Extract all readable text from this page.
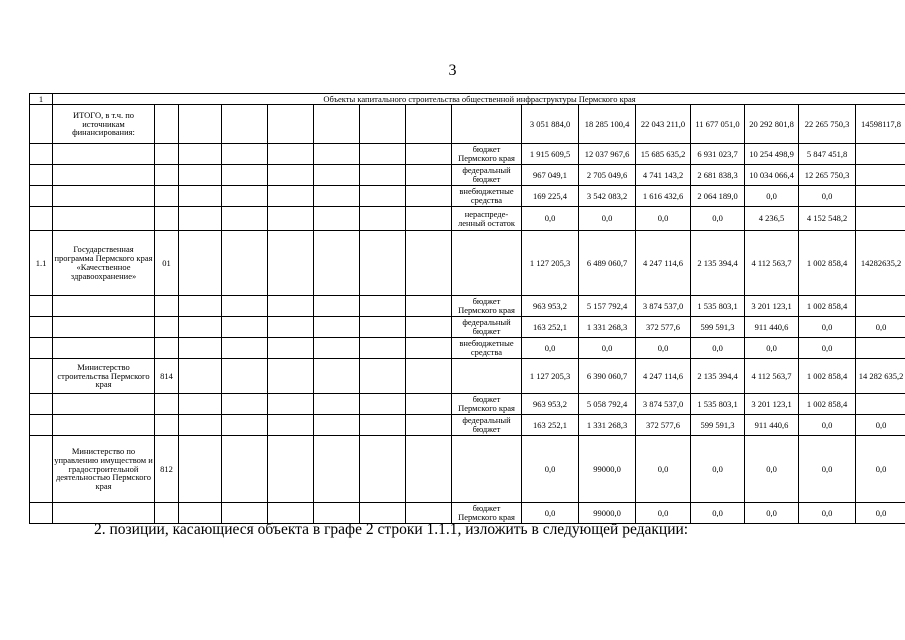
3
1	Объекты капитального строительства общественной инфраструктуры Пермского края															
	ИТОГО, в т.ч. по источникам финансирования:									3 051 884,0	18 285 100,4	22 043 211,0	11 677 051,0	20 292 801,8	22 265 750,3	14598117,8
									бюджет Пермского края	1 915 609,5	12 037 967,6	15 685 635,2	6 931 023,7	10 254 498,9	5 847 451,8	
									федеральный бюджет	967 049,1	2 705 049,6	4 741 143,2	2 681 838,3	10 034 066,4	12 265 750,3	
									внебюджетные средства	169 225,4	3 542 083,2	1 616 432,6	2 064 189,0	0,0	0,0	
									нераспреде-ленный остаток	0,0	0,0	0,0	0,0	4 236,5	4 152 548,2	
1.1	Государственная программа Пермского края «Качественное здравоохранение»	01								1 127 205,3	6 489 060,7	4 247 114,6	2 135 394,4	4 112 563,7	1 002 858,4	14282635,2
									бюджет Пермского края	963 953,2	5 157 792,4	3 874 537,0	1 535 803,1	3 201 123,1	1 002 858,4	
									федеральный бюджет	163 252,1	1 331 268,3	372 577,6	599 591,3	911 440,6	0,0	0,0
									внебюджетные средства	0,0	0,0	0,0	0,0	0,0	0,0	
	Министерство строительства Пермского края	814								1 127 205,3	6 390 060,7	4 247 114,6	2 135 394,4	4 112 563,7	1 002 858,4	14 282 635,2
									бюджет Пермского края	963 953,2	5 058 792,4	3 874 537,0	1 535 803,1	3 201 123,1	1 002 858,4	
									федеральный бюджет	163 252,1	1 331 268,3	372 577,6	599 591,3	911 440,6	0,0	0,0
	Министерство по управлению имуществом и градостроительной деятельностью Пермского края	812								0,0	99000,0	0,0	0,0	0,0	0,0	0,0
									бюджет Пермского края	0,0	99000,0	0,0	0,0	0,0	0,0	0,0
2. позиции, касающиеся объекта в графе 2 строки 1.1.1, изложить в следующей редакции:
